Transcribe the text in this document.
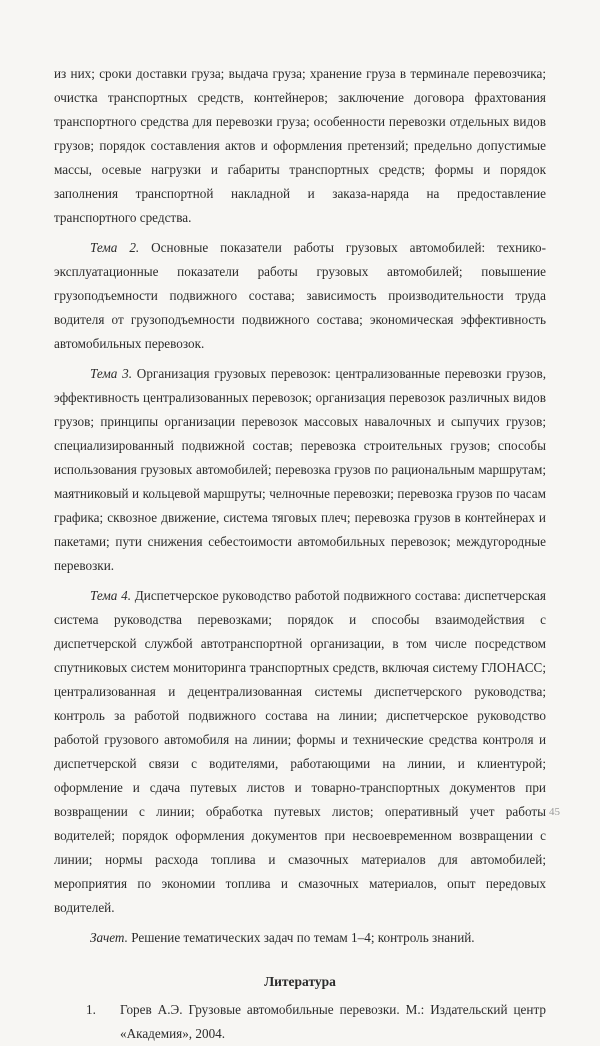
из них; сроки доставки груза; выдача груза; хранение груза в терминале перевозчика; очистка транспортных средств, контейнеров; заключение договора фрахтования транспортного средства для перевозки груза; особенности перевозки отдельных видов грузов; порядок составления актов и оформления претензий; предельно допустимые массы, осевые нагрузки и габариты транспортных средств; формы и порядок заполнения транспортной накладной и заказа-наряда на предоставление транспортного средства.

Тема 2. Основные показатели работы грузовых автомобилей: технико-эксплуатационные показатели работы грузовых автомобилей; повышение грузоподъемности подвижного состава; зависимость производительности труда водителя от грузоподъемности подвижного состава; экономическая эффективность автомобильных перевозок.

Тема 3. Организация грузовых перевозок: централизованные перевозки грузов, эффективность централизованных перевозок; организация перевозок различных видов грузов; принципы организации перевозок массовых навалочных и сыпучих грузов; специализированный подвижной состав; перевозка строительных грузов; способы использования грузовых автомобилей; перевозка грузов по рациональным маршрутам; маятниковый и кольцевой маршруты; челночные перевозки; перевозка грузов по часам графика; сквозное движение, система тяговых плеч; перевозка грузов в контейнерах и пакетами; пути снижения себестоимости автомобильных перевозок; междугородные перевозки.

Тема 4. Диспетчерское руководство работой подвижного состава: диспетчерская система руководства перевозками; порядок и способы взаимодействия с диспетчерской службой автотранспортной организации, в том числе посредством спутниковых систем мониторинга транспортных средств, включая систему ГЛОНАСС; централизованная и децентрализованная системы диспетчерского руководства; контроль за работой подвижного состава на линии; диспетчерское руководство работой грузового автомобиля на линии; формы и технические средства контроля и диспетчерской связи с водителями, работающими на линии, и клиентурой; оформление и сдача путевых листов и товарно-транспортных документов при возвращении с линии; обработка путевых листов; оперативный учет работы водителей; порядок оформления документов при несвоевременном возвращении с линии; нормы расхода топлива и смазочных материалов для автомобилей; мероприятия по экономии топлива и смазочных материалов, опыт передовых водителей.

Зачет. Решение тематических задач по темам 1–4; контроль знаний.

Литература
1.	Горев А.Э. Грузовые автомобильные перевозки. М.: Издательский центр «Академия», 2004.
45
